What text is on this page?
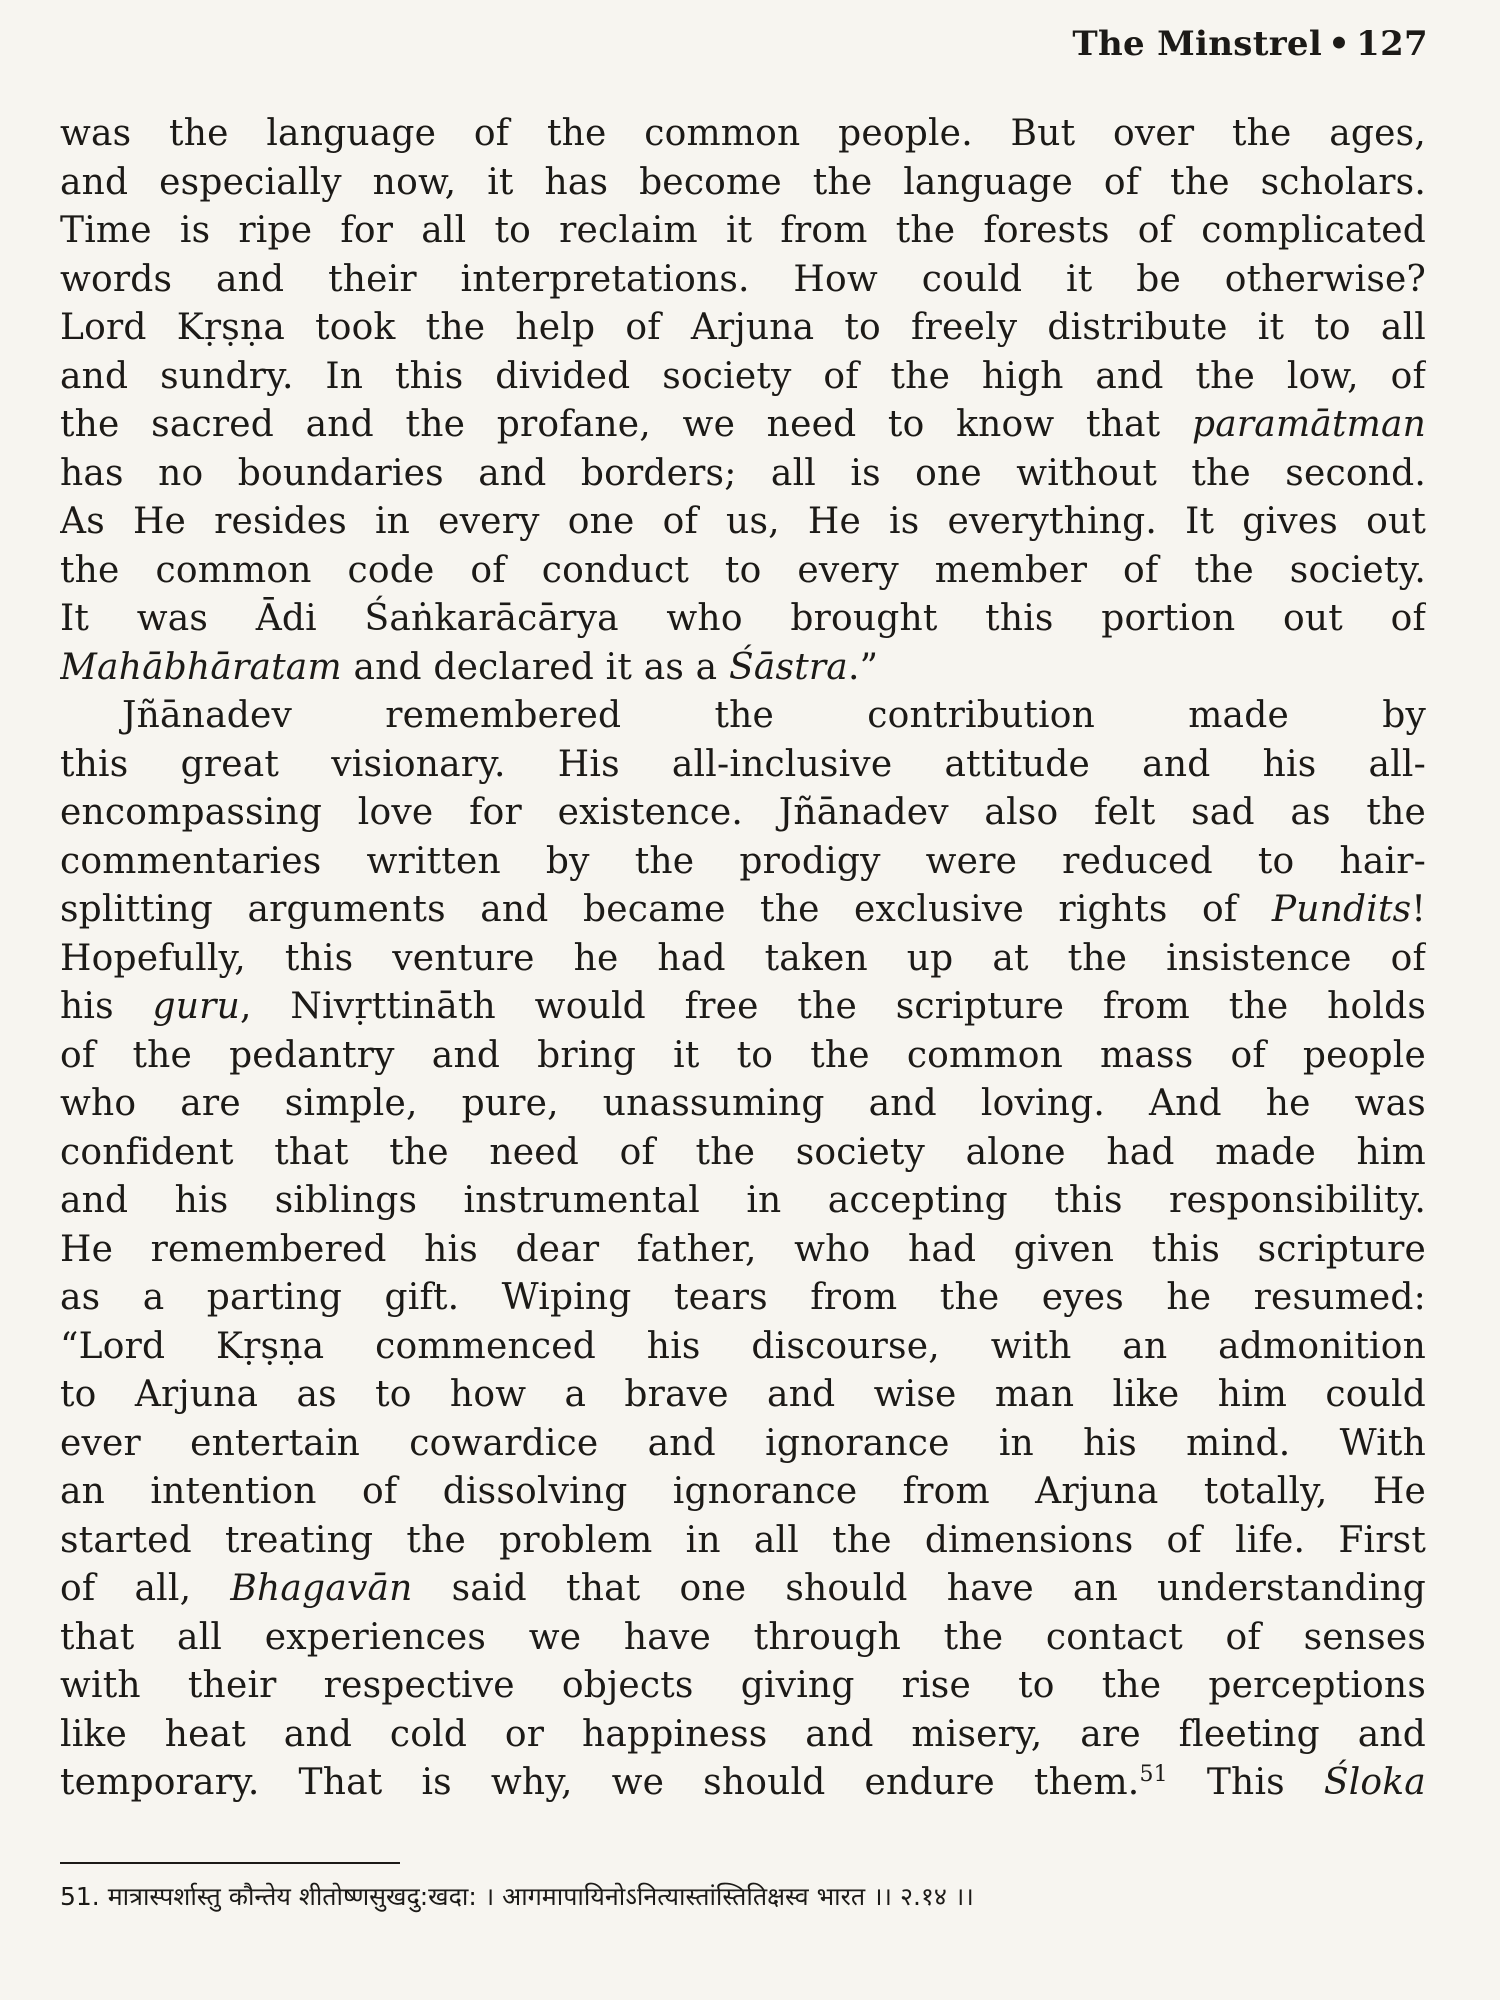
The Minstrel • 127
was the language of the common people. But over the ages,
and especially now, it has become the language of the scholars.
Time is ripe for all to reclaim it from the forests of complicated
words and their interpretations. How could it be otherwise?
Lord Kṛṣṇa took the help of Arjuna to freely distribute it to all
and sundry. In this divided society of the high and the low, of
the sacred and the profane, we need to know that paramātman
has no boundaries and borders; all is one without the second.
As He resides in every one of us, He is everything. It gives out
the common code of conduct to every member of the society.
It was Ādi Śaṅkarācārya who brought this portion out of
Mahābhāratam and declared it as a Śāstra.”
Jñānadev remembered the contribution made by
this great visionary. His all-inclusive attitude and his all-
encompassing love for existence. Jñānadev also felt sad as the
commentaries written by the prodigy were reduced to hair-
splitting arguments and became the exclusive rights of Pundits!
Hopefully, this venture he had taken up at the insistence of
his guru, Nivṛttināth would free the scripture from the holds
of the pedantry and bring it to the common mass of people
who are simple, pure, unassuming and loving. And he was
confident that the need of the society alone had made him
and his siblings instrumental in accepting this responsibility.
He remembered his dear father, who had given this scripture
as a parting gift. Wiping tears from the eyes he resumed:
“Lord Kṛṣṇa commenced his discourse, with an admonition
to Arjuna as to how a brave and wise man like him could
ever entertain cowardice and ignorance in his mind. With
an intention of dissolving ignorance from Arjuna totally, He
started treating the problem in all the dimensions of life. First
of all, Bhagavān said that one should have an understanding
that all experiences we have through the contact of senses
with their respective objects giving rise to the perceptions
like heat and cold or happiness and misery, are fleeting and
temporary. That is why, we should endure them.$^{51}$ This Śloka
51. मात्रास्पर्शास्तु कौन्तेय शीतोष्णसुखदु:खदा: । आगमापायिनोऽनित्यास्तांस्तितिक्षस्व भारत ।। २.१४ ।।
